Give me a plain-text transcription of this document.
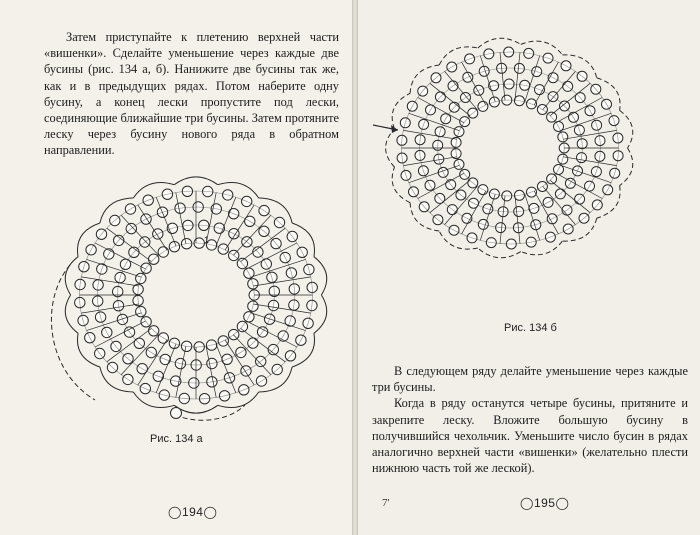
Затем приступайте к плетению верхней части «вишенки». Сделайте уменьшение через каждые две бусины (рис. 134 а, б). Нанижите две бусины так же, как и в предыдущих рядах. Потом наберите одну бусину, а конец лески пропустите под лески, соединяющие ближайшие три бусины. Затем протяните леску через бусину нового ряда в обратном направлении.

1
Рис. 134 а
◯194◯
Рис. 134 б

В следующем ряду делайте уменьшение через каждые три бусины.

Когда в ряду останутся четыре бусины, притяните и закрепите леску. Вложите большую бусину в получившийся чехольчик. Уменьшите число бусин в рядах аналогично верхней части «вишенки» (желательно плести нижнюю часть той же леской).

7'	◯195◯
